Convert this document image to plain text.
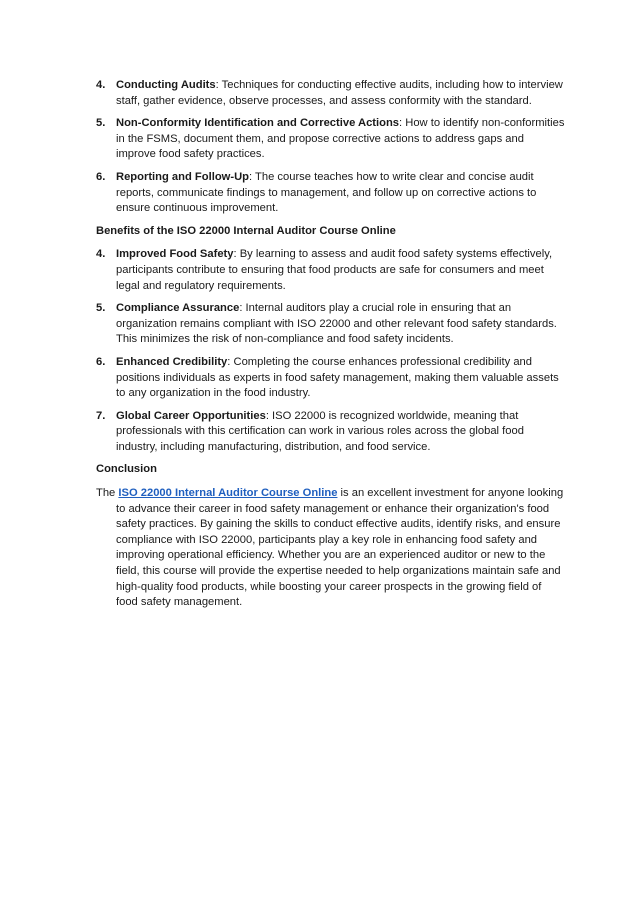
4. Conducting Audits: Techniques for conducting effective audits, including how to interview staff, gather evidence, observe processes, and assess conformity with the standard.
5. Non-Conformity Identification and Corrective Actions: How to identify non-conformities in the FSMS, document them, and propose corrective actions to address gaps and improve food safety practices.
6. Reporting and Follow-Up: The course teaches how to write clear and concise audit reports, communicate findings to management, and follow up on corrective actions to ensure continuous improvement.
Benefits of the ISO 22000 Internal Auditor Course Online
4. Improved Food Safety: By learning to assess and audit food safety systems effectively, participants contribute to ensuring that food products are safe for consumers and meet legal and regulatory requirements.
5. Compliance Assurance: Internal auditors play a crucial role in ensuring that an organization remains compliant with ISO 22000 and other relevant food safety standards. This minimizes the risk of non-compliance and food safety incidents.
6. Enhanced Credibility: Completing the course enhances professional credibility and positions individuals as experts in food safety management, making them valuable assets to any organization in the food industry.
7. Global Career Opportunities: ISO 22000 is recognized worldwide, meaning that professionals with this certification can work in various roles across the global food industry, including manufacturing, distribution, and food service.
Conclusion

The ISO 22000 Internal Auditor Course Online is an excellent investment for anyone looking to advance their career in food safety management or enhance their organization's food safety practices. By gaining the skills to conduct effective audits, identify risks, and ensure compliance with ISO 22000, participants play a key role in enhancing food safety and improving operational efficiency. Whether you are an experienced auditor or new to the field, this course will provide the expertise needed to help organizations maintain safe and high-quality food products, while boosting your career prospects in the growing field of food safety management.
